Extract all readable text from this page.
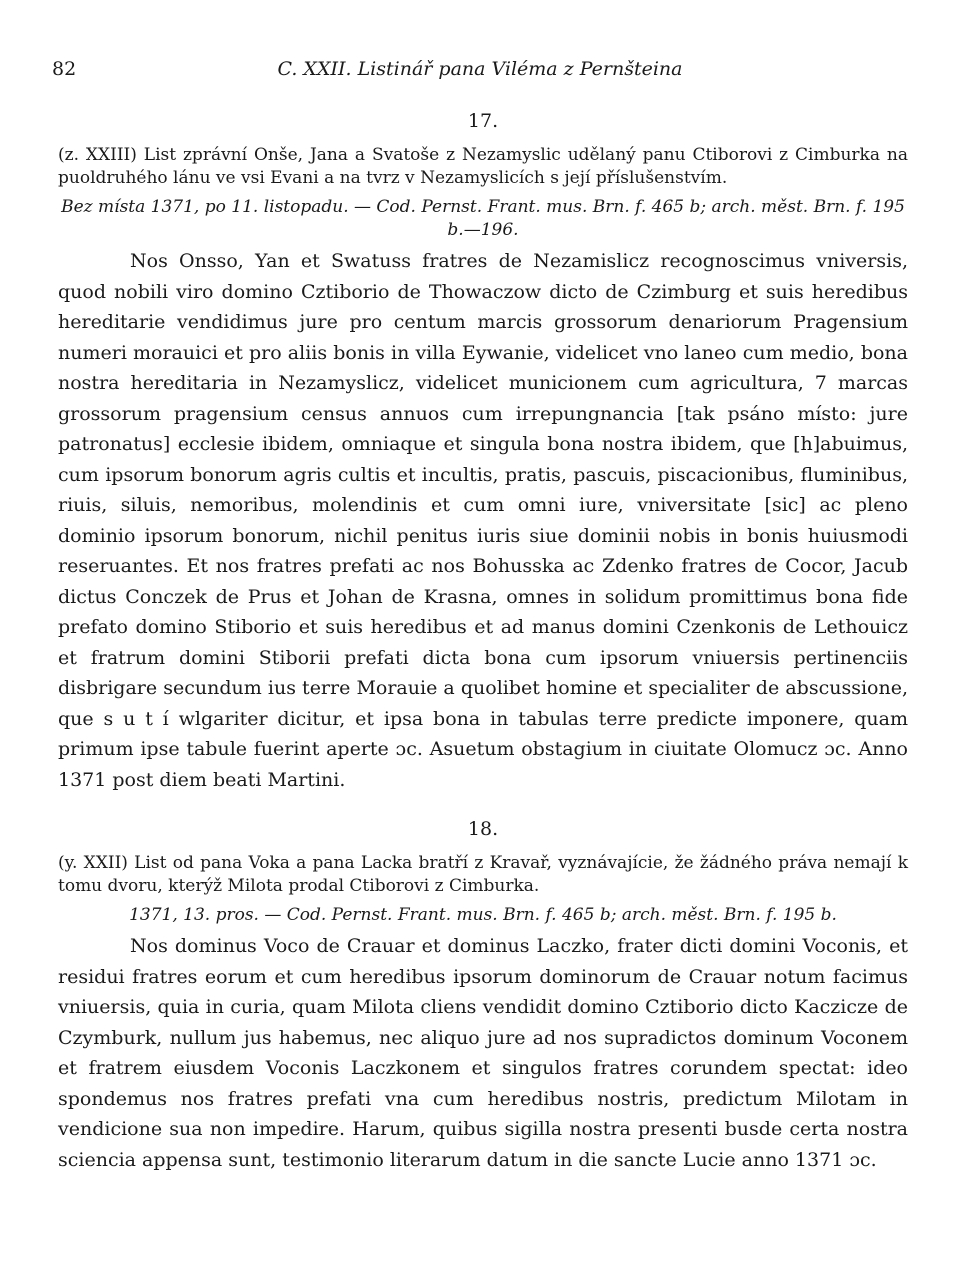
82	C. XXII. Listinář pana Viléma z Pernšteina
17.

(z. XXIII) List zprávní Onše, Jana a Svatoše z Nezamyslic udělaný panu Ctiborovi z Cimburka na puoldruhého lánu ve vsi Evani a na tvrz v Nezamyslicích s její příslušenstvím.

Bez místa 1371, po 11. listopadu. — Cod. Pernst. Frant. mus. Brn. f. 465 b; arch. měst. Brn. f. 195 b.—196.

Nos Onsso, Yan et Swatuss fratres de Nezamislicz recognoscimus vniversis, quod nobili viro domino Cztiborio de Thowaczow dicto de Czimburg et suis heredibus hereditarie vendidimus jure pro centum marcis grossorum denariorum Pragensium numeri morauici et pro aliis bonis in villa Eywanie, videlicet vno laneo cum medio, bona nostra hereditaria in Nezamyslicz, videlicet municionem cum agricultura, 7 marcas grossorum pragensium census annuos cum irrepungnancia [tak psáno místo: jure patronatus] ecclesie ibidem, omniaque et singula bona nostra ibidem, que [h]abuimus, cum ipsorum bonorum agris cultis et incultis, pratis, pascuis, piscacionibus, fluminibus, riuis, siluis, nemoribus, molendinis et cum omni iure, vniversitate [sic] ac pleno dominio ipsorum bonorum, nichil penitus iuris siue dominii nobis in bonis huiusmodi reseruantes. Et nos fratres prefati ac nos Bohusska ac Zdenko fratres de Cocor, Jacub dictus Conczek de Prus et Johan de Krasna, omnes in solidum promittimus bona fide prefato domino Stiborio et suis heredibus et ad manus domini Czenkonis de Lethouicz et fratrum domini Stiborii prefati dicta bona cum ipsorum vniuersis pertinenciis disbrigare secundum ius terre Morauie a quolibet homine et specialiter de abscussione, que s u t í wlgariter dicitur, et ipsa bona in tabulas terre predicte imponere, quam primum ipse tabule fuerint aperte ɔc. Asuetum obstagium in ciuitate Olomucz ɔc. Anno 1371 post diem beati Martini.

18.

(y. XXII) List od pana Voka a pana Lacka bratří z Kravař, vyznávajície, že žádného práva nemají k tomu dvoru, kterýž Milota prodal Ctiborovi z Cimburka.

1371, 13. pros. — Cod. Pernst. Frant. mus. Brn. f. 465 b; arch. měst. Brn. f. 195 b.

Nos dominus Voco de Crauar et dominus Laczko, frater dicti domini Voconis, et residui fratres eorum et cum heredibus ipsorum dominorum de Crauar notum facimus vniuersis, quia in curia, quam Milota cliens vendidit domino Cztiborio dicto Kaczicze de Czymburk, nullum jus habemus, nec aliquo jure ad nos supradictos dominum Voconem et fratrem eiusdem Voconis Laczkonem et singulos fratres corundem spectat: ideo spondemus nos fratres prefati vna cum heredibus nostris, predictum Milotam in vendicione sua non impedire. Harum, quibus sigilla nostra presenti busde certa nostra sciencia appensa sunt, testimonio literarum datum in die sancte Lucie anno 1371 ɔc.
